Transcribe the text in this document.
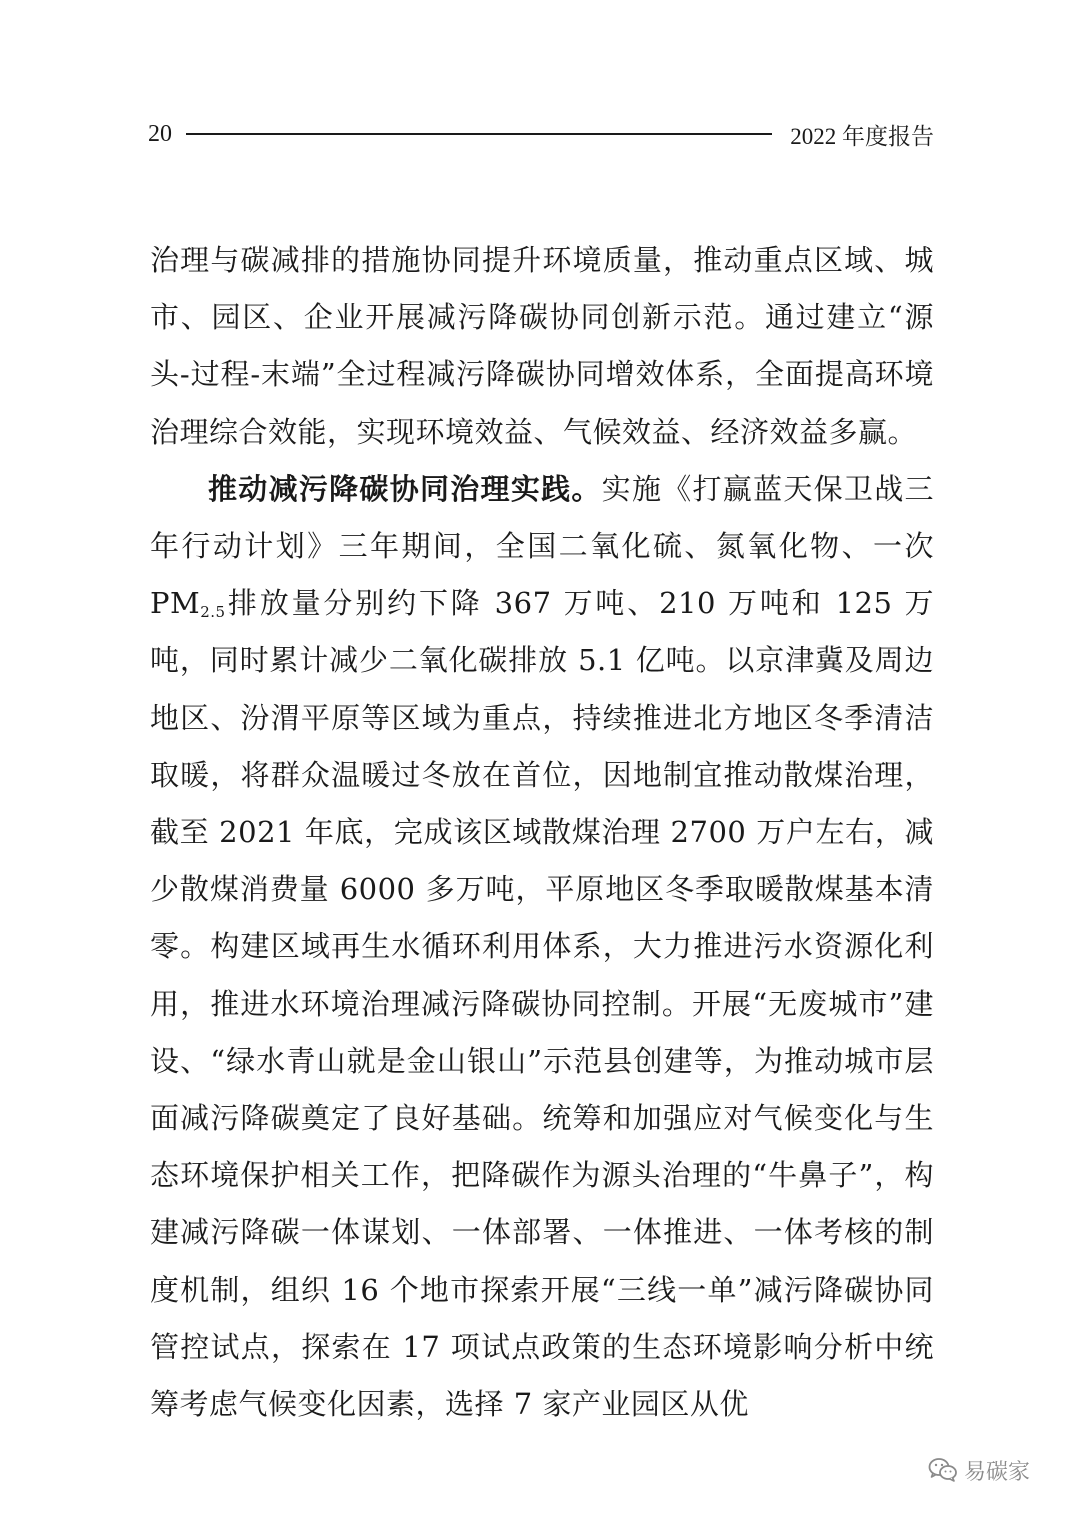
20	2022 年度报告

治理与碳减排的措施协同提升环境质量，推动重点区域、城市、园区、企业开展减污降碳协同创新示范。通过建立“源头-过程-末端”全过程减污降碳协同增效体系，全面提高环境治理综合效能，实现环境效益、气候效益、经济效益多赢。

推动减污降碳协同治理实践。实施《打赢蓝天保卫战三年行动计划》三年期间，全国二氧化硫、氮氧化物、一次 $PM_{2.5}$排放量分别约下降 367 万吨、210 万吨和 125 万吨，同时累计减少二氧化碳排放 5.1 亿吨。以京津冀及周边地区、汾渭平原等区域为重点，持续推进北方地区冬季清洁取暖，将群众温暖过冬放在首位，因地制宜推动散煤治理，截至 2021 年底，完成该区域散煤治理 2700 万户左右，减少散煤消费量 6000 多万吨，平原地区冬季取暖散煤基本清零。构建区域再生水循环利用体系，大力推进污水资源化利用，推进水环境治理减污降碳协同控制。开展“无废城市”建设、“绿水青山就是金山银山”示范县创建等，为推动城市层面减污降碳奠定了良好基础。统筹和加强应对气候变化与生态环境保护相关工作，把降碳作为源头治理的“牛鼻子”，构建减污降碳一体谋划、一体部署、一体推进、一体考核的制度机制，组织 16 个地市探索开展“三线一单”减污降碳协同管控试点，探索在 17 项试点政策的生态环境影响分析中统筹考虑气候变化因素，选择 7 家产业园区从优

易碳家
